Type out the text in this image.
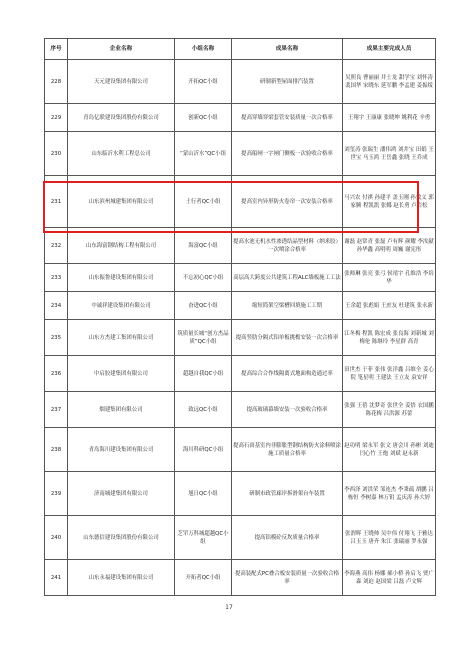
序号	企业名称	小组名称	成果名称	成果主要完成人员
228	天元建设集团有限公司	开拓QC小组	研制新型屋面排汽装置	吴照良 曹丽丽 井士龙 甜学宝 刘怀涛 裴国华 宋晓东 延军鹏 李孟建 姜振绥
229	青岛亿联建设集团股份有限公司	创新QC小组	提高穿墙穿梁套管安装质量一次合格率	王翔宇 王康康 张晓坤 姚利花 辛勇
230	山东临沂水利工程总公司	“蒙山沂水”QC小组	提高船闸一字闸门侧板一次验收合格率	刘玺涛 张瑞生 潘伟鸿 刘井宝 田娟 王世宝 马玉鸿 王岳鑫 张晓 王乔成
231	山东滨州城建集团有限公司	土行者QC小组	提高室内异形防火卷帘一次安装合格率	马兴农 付祺 孙建平 盖玉刚 孙效义 郭家腾 程凯凯 张娜 赵长勇 卢岩松
232	山东海富钢结构工程有限公司	海富QC小组	提高水池无机水性渗透结晶型材料（纳米胶）一次喷涂合格率	谢磊 赵常青 张磊 卢有辉 颜耀 李汝献 孙华鑫 高明明 周巍 谢宪彤
233	山东振鲁建设集团有限公司	不忘初心QC小组	高层高大跨度公共建筑工程ALC墙板施工工法	张师琳 张亮 张弓 侯靖宇 孔维浩 李培华
234	中诚祥建设集团有限公司	奋进QC小组	缩短简架空梁槽回填施工工期	王余超 张彪娟 王庶友 杜建筑 张永新
235	山东方杰建工集团有限公司	筑质量长城“创方杰品质”QC小组	提高竖肋分隔式铝单板挑檐安装一次合格率	江冬梅 程凯 陈宏成 张良海 刘新城 刘梅伦 陈继玲 李星群 高青
236	中启胶建集团有限公司	超越自我QC小组	提高综合合作线隔离式地面构造通过率	田世杰 于菲 张伟 张洋鑫 吕维全 姜心院 笔星明 王建法 王立友 袁安祥
237	烟建集团有限公司	致远QC小组	提高玻璃幕墙安装一次验收合格率	张强 王蓓 沈梦奇 张世全 姜悟 衣国鹏 陈花梅 吕洪源 苏蕾
238	青岛海川建设集团有限公司	海川科研QC小组	提高石膏基室内非膨胀型钢结构防火涂料喷涂施工质量合格率	赵功明 梁永军 张文 唐会川 孙彬 刘迪 闫心竹 王炮 刘斌 赵永新
239	济南城建集团有限公司	旭日QC小组	研制市政管廊岸拆滑架台车装置	李西泽 刘洪荣 邹连杰 李秉疏 胡鹏 吕栋恒 李树嘉 林万钥 孟庆涛 孙大婷
240	山东德信建设集团股份有限公司	芝罘万科城超越QC小组	提高铝模砼反坎质量合格率	张渭晖 王晓帅 吴中伟 付翔飞 于雅达 吕玉玉 唐齐 朱江 张瑞丽 罗永强
241	山东永福建设集团有限公司	开拓者QC小组	提高装配式PC叠合板安装质量一次验收合格率	李海燕 高伟 杨娜 郝小桥 孙启飞 贾广森 刘迫 赵国梁 吕磊 卢文辉
17
